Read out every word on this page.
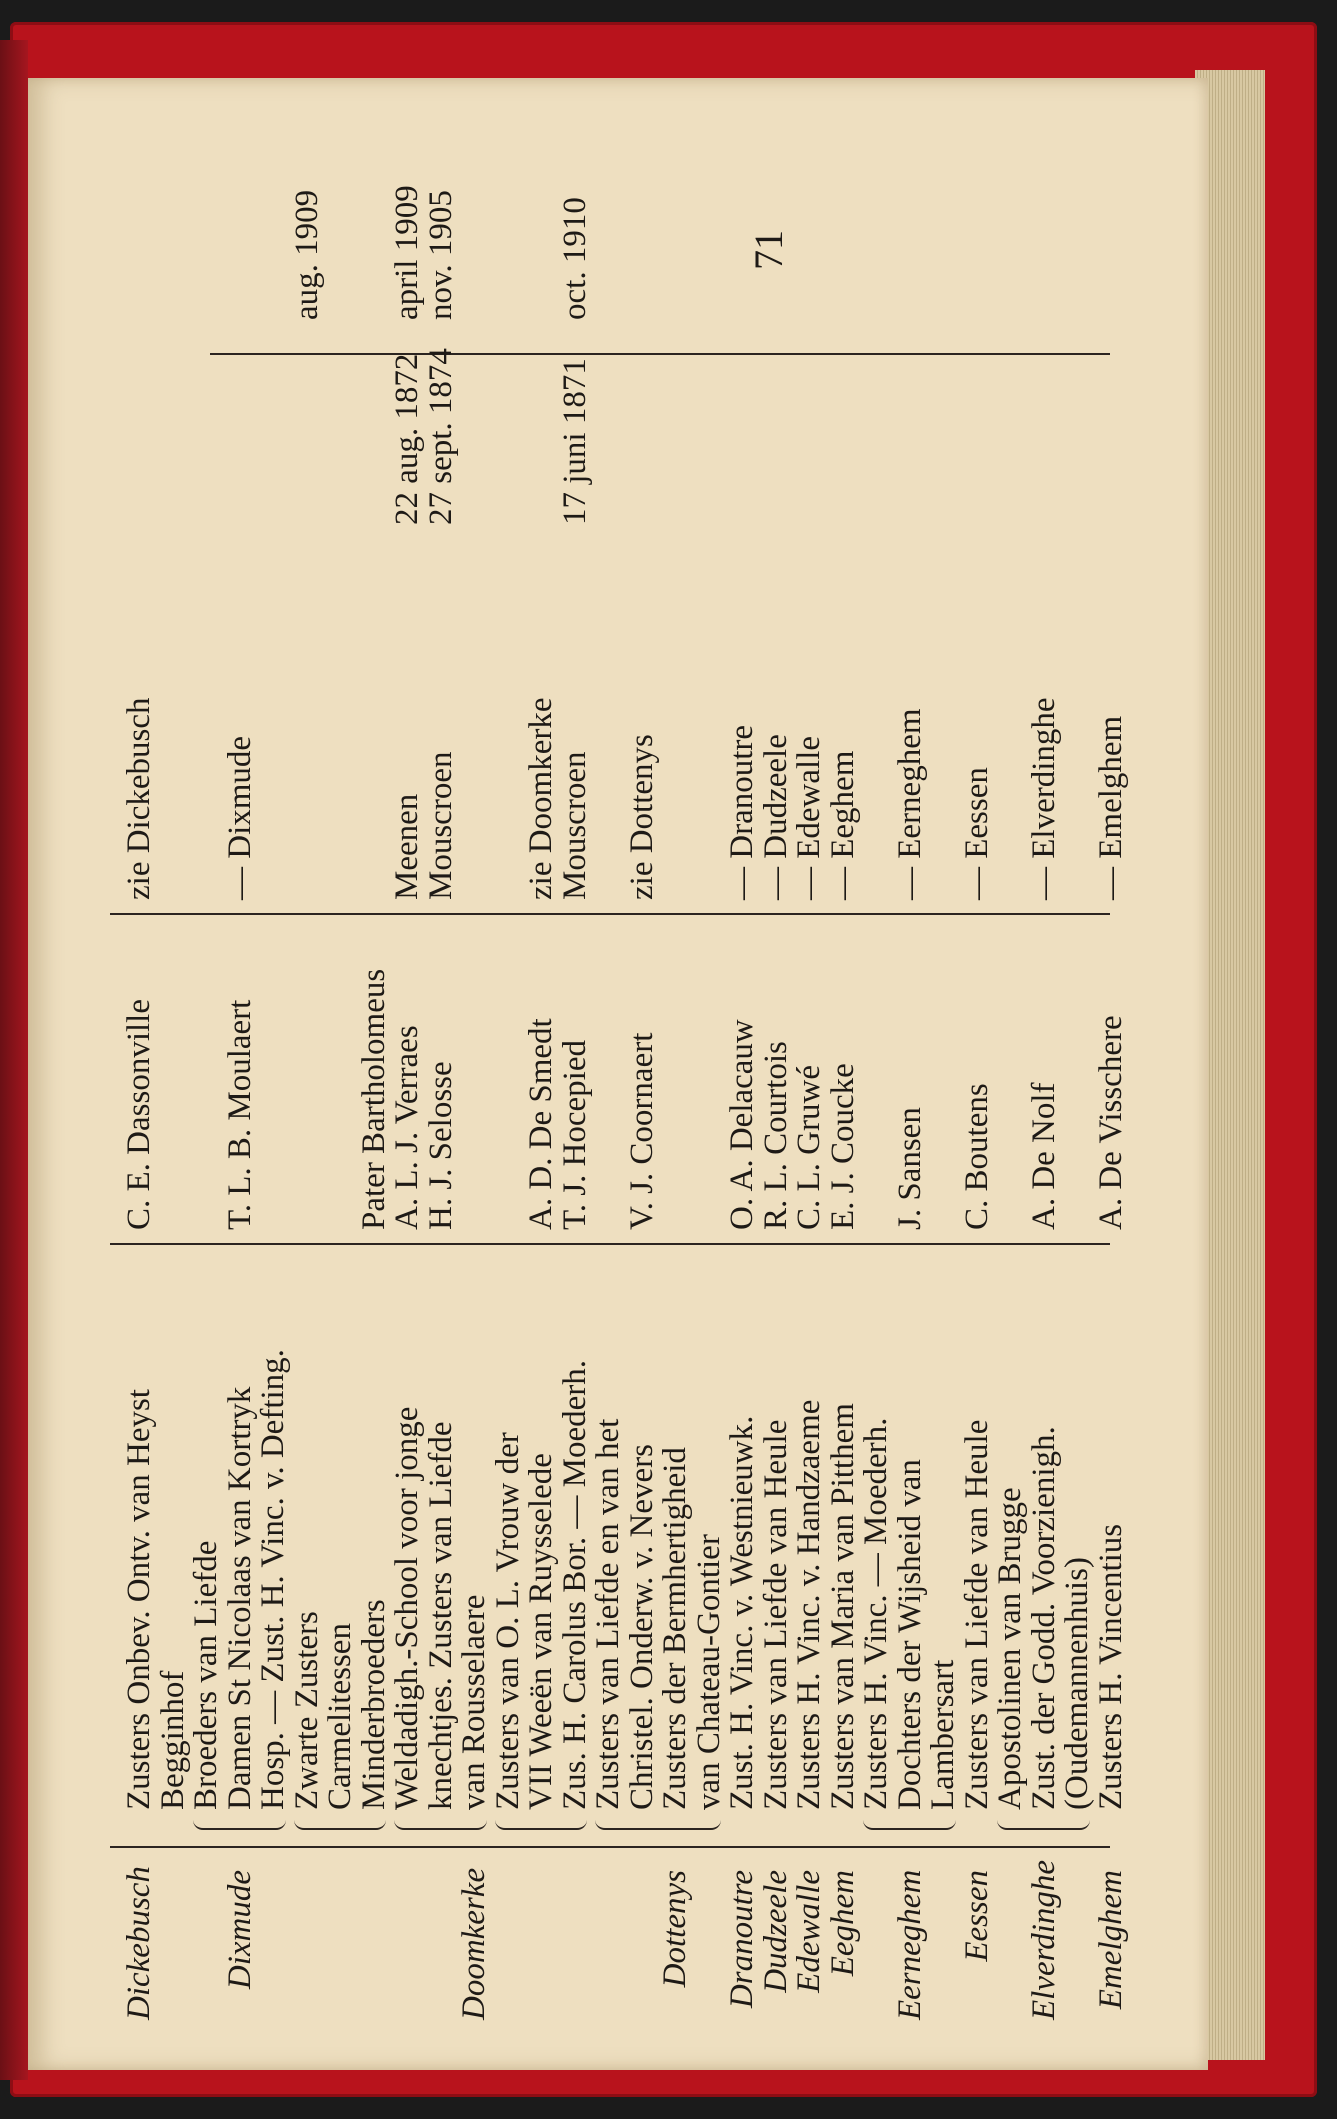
Dickebusch
Zusters Onbev. Ontv. van Heyst
C. E. Dassonville
zie Dickebusch
Begginhof
Broeders van Liefde
Dixmude
Damen St Nicolaas van Kortryk
T. L. B. Moulaert
— Dixmude
Hosp. — Zust. H. Vinc. v. Defting.
Zwarte Zusters
aug. 1909
Carmelitessen
Minderbroeders
Pater Bartholomeus
Weldadigh.-School voor jonge
A. L. J. Verraes
Meenen
22 aug. 1872
april 1909
knechtjes. Zusters van Liefde
H. J. Selosse
Mouscroen
27 sept. 1874
nov. 1905
Doomkerke
van Rousselaere
Zusters van O. L. Vrouw der
VII Weeën van Ruysselede
A. D. De Smedt
zie Doomkerke
Zus. H. Carolus Bor. — Moederh.
T. J. Hocepied
Mouscroen
17 juni 1871
oct. 1910
Zusters van Liefde en van het
Christel. Onderw. v. Nevers
V. J. Coornaert
zie Dottenys
Dottenys
Zusters der Bermhertigheid
van Chateau-Gontier
Dranoutre
Zust. H. Vinc. v. Westnieuwk.
O. A. Delacauw
— Dranoutre
Dudzeele
Zusters van Liefde van Heule
R. L. Courtois
— Dudzeele
Edewalle
Zusters H. Vinc. v. Handzaeme
C. L. Gruwé
— Edewalle
Eeghem
Zusters van Maria van Pitthem
E. J. Coucke
— Eeghem
Zusters H. Vinc. — Moederh.
Eerneghem
Dochters der Wijsheid van
J. Sansen
— Eerneghem
Lambersart
Eessen
Zusters van Liefde van Heule
C. Boutens
— Eessen
Apostolinen van Brugge
Elverdinghe
Zust. der Godd. Voorzienigh.
A. De Nolf
— Elverdinghe
(Oudemannenhuis)
Emelghem
Zusters H. Vincentius
A. De Visschere
— Emelghem
71
